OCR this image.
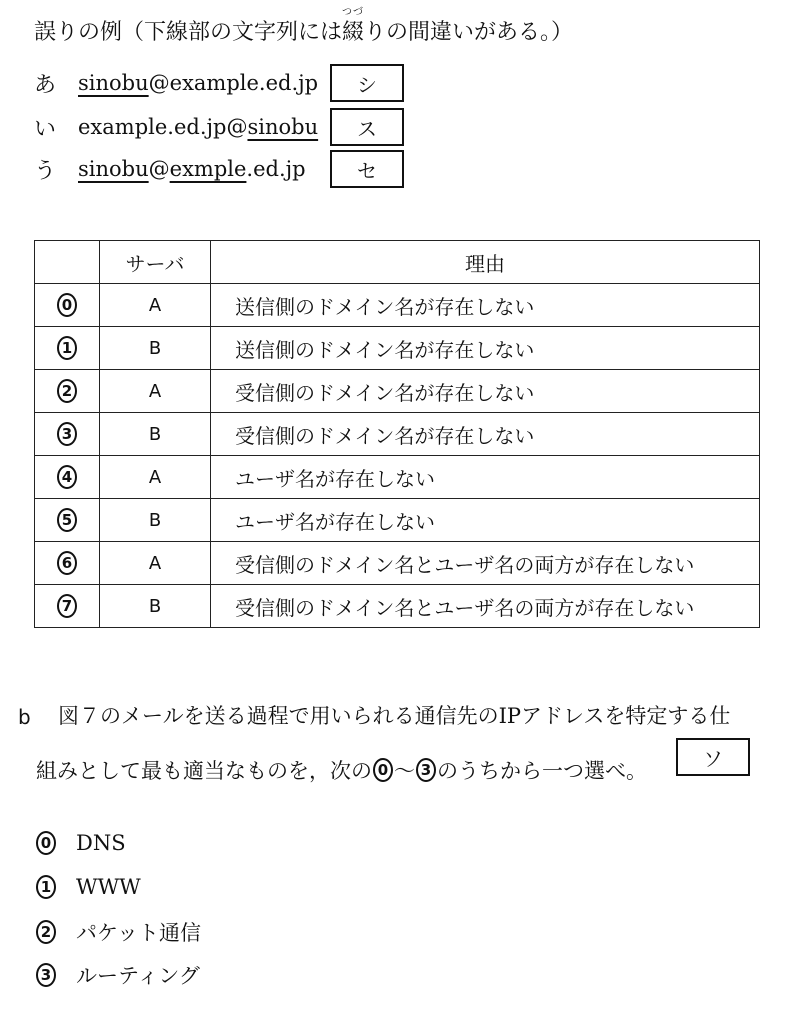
誤りの例（下線部の文字列には
つづ
綴りの間違いがある。）
あ	sinobu@example.ed.jp	シ
い	example.ed.jp@sinobu	ス
う	sinobu@exmple.ed.jp	セ
	サーバ	理由
0	A	送信側のドメイン名が存在しない
1	B	送信側のドメイン名が存在しない
2	A	受信側のドメイン名が存在しない
3	B	受信側のドメイン名が存在しない
4	A	ユーザ名が存在しない
5	B	ユーザ名が存在しない
6	A	受信側のドメイン名とユーザ名の両方が存在しない
7	B	受信側のドメイン名とユーザ名の両方が存在しない
b 図７のメールを送る過程で用いられる通信先のIPアドレスを特定する仕
組みとして最も適当なものを，次の 0 ～ 3 のうちから一つ選べ。
ソ
0 DNS
1 WWW
2 パケット通信
3 ルーティング
